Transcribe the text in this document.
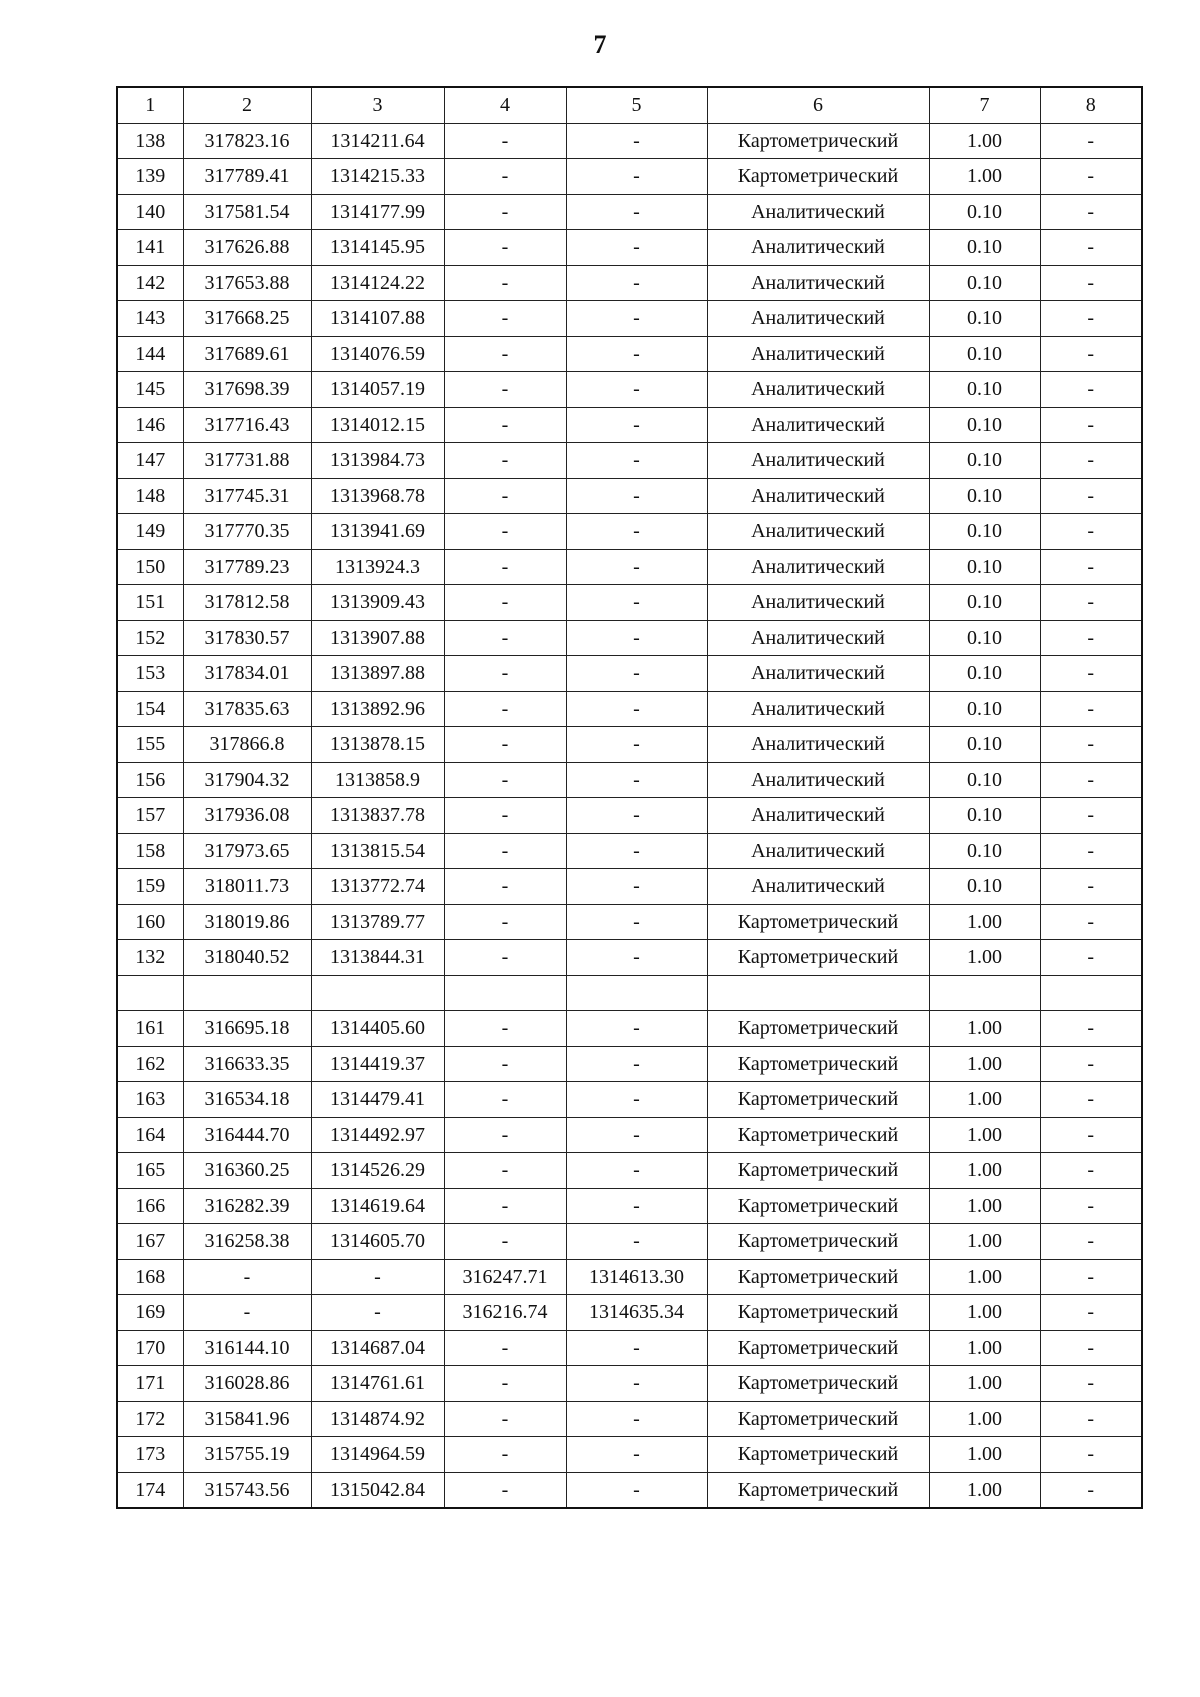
7
1	2	3	4	5	6	7	8
138	317823.16	1314211.64	-	-	Картометрический	1.00	-
139	317789.41	1314215.33	-	-	Картометрический	1.00	-
140	317581.54	1314177.99	-	-	Аналитический	0.10	-
141	317626.88	1314145.95	-	-	Аналитический	0.10	-
142	317653.88	1314124.22	-	-	Аналитический	0.10	-
143	317668.25	1314107.88	-	-	Аналитический	0.10	-
144	317689.61	1314076.59	-	-	Аналитический	0.10	-
145	317698.39	1314057.19	-	-	Аналитический	0.10	-
146	317716.43	1314012.15	-	-	Аналитический	0.10	-
147	317731.88	1313984.73	-	-	Аналитический	0.10	-
148	317745.31	1313968.78	-	-	Аналитический	0.10	-
149	317770.35	1313941.69	-	-	Аналитический	0.10	-
150	317789.23	1313924.3	-	-	Аналитический	0.10	-
151	317812.58	1313909.43	-	-	Аналитический	0.10	-
152	317830.57	1313907.88	-	-	Аналитический	0.10	-
153	317834.01	1313897.88	-	-	Аналитический	0.10	-
154	317835.63	1313892.96	-	-	Аналитический	0.10	-
155	317866.8	1313878.15	-	-	Аналитический	0.10	-
156	317904.32	1313858.9	-	-	Аналитический	0.10	-
157	317936.08	1313837.78	-	-	Аналитический	0.10	-
158	317973.65	1313815.54	-	-	Аналитический	0.10	-
159	318011.73	1313772.74	-	-	Аналитический	0.10	-
160	318019.86	1313789.77	-	-	Картометрический	1.00	-
132	318040.52	1313844.31	-	-	Картометрический	1.00	-

161	316695.18	1314405.60	-	-	Картометрический	1.00	-
162	316633.35	1314419.37	-	-	Картометрический	1.00	-
163	316534.18	1314479.41	-	-	Картометрический	1.00	-
164	316444.70	1314492.97	-	-	Картометрический	1.00	-
165	316360.25	1314526.29	-	-	Картометрический	1.00	-
166	316282.39	1314619.64	-	-	Картометрический	1.00	-
167	316258.38	1314605.70	-	-	Картометрический	1.00	-
168	-	-	316247.71	1314613.30	Картометрический	1.00	-
169	-	-	316216.74	1314635.34	Картометрический	1.00	-
170	316144.10	1314687.04	-	-	Картометрический	1.00	-
171	316028.86	1314761.61	-	-	Картометрический	1.00	-
172	315841.96	1314874.92	-	-	Картометрический	1.00	-
173	315755.19	1314964.59	-	-	Картометрический	1.00	-
174	315743.56	1315042.84	-	-	Картометрический	1.00	-
